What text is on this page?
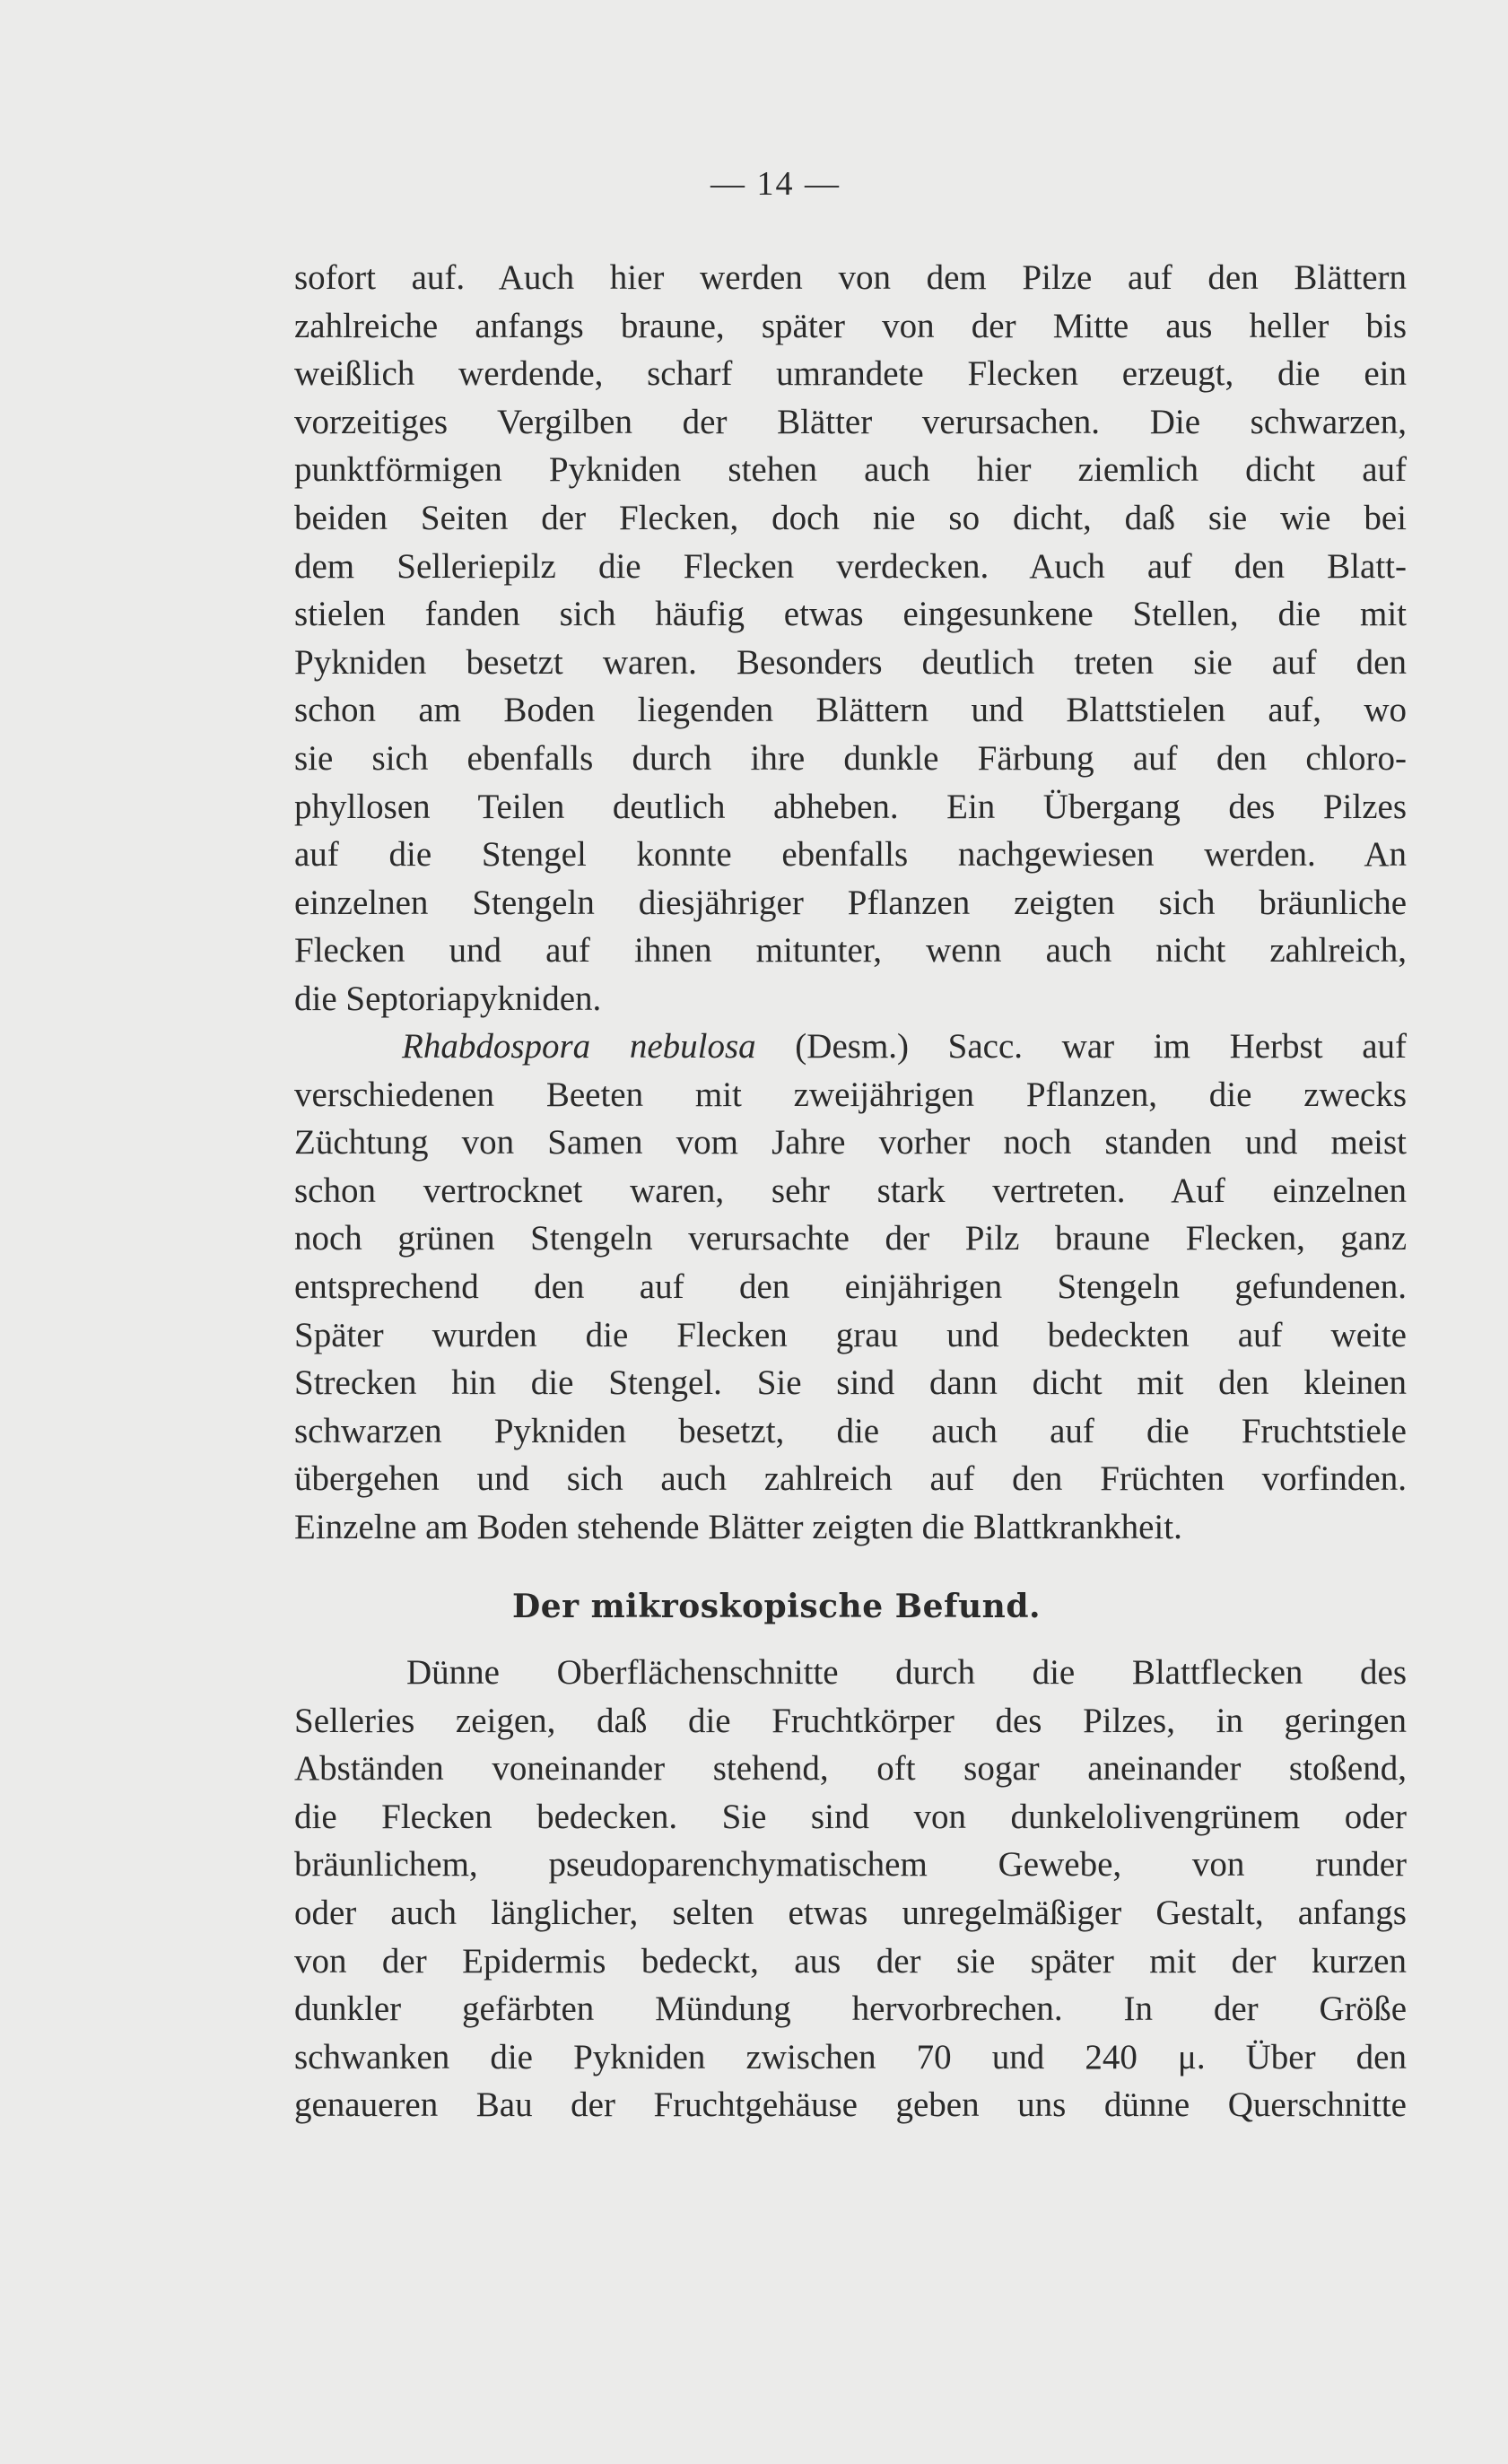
— 14 —
sofort auf. Auch hier werden von dem Pilze auf den Blättern
zahlreiche anfangs braune, später von der Mitte aus heller bis
weißlich werdende, scharf umrandete Flecken erzeugt, die ein
vorzeitiges Vergilben der Blätter verursachen. Die schwarzen,
punktförmigen Pykniden stehen auch hier ziemlich dicht auf
beiden Seiten der Flecken, doch nie so dicht, daß sie wie bei
dem Selleriepilz die Flecken verdecken. Auch auf den Blatt-
stielen fanden sich häufig etwas eingesunkene Stellen, die mit
Pykniden besetzt waren. Besonders deutlich treten sie auf den
schon am Boden liegenden Blättern und Blattstielen auf, wo
sie sich ebenfalls durch ihre dunkle Färbung auf den chloro-
phyllosen Teilen deutlich abheben. Ein Übergang des Pilzes
auf die Stengel konnte ebenfalls nachgewiesen werden. An
einzelnen Stengeln diesjähriger Pflanzen zeigten sich bräunliche
Flecken und auf ihnen mitunter, wenn auch nicht zahlreich,
die Septoriapykniden.
Rhabdospora nebulosa (Desm.) Sacc. war im Herbst auf
verschiedenen Beeten mit zweijährigen Pflanzen, die zwecks
Züchtung von Samen vom Jahre vorher noch standen und meist
schon vertrocknet waren, sehr stark vertreten. Auf einzelnen
noch grünen Stengeln verursachte der Pilz braune Flecken, ganz
entsprechend den auf den einjährigen Stengeln gefundenen.
Später wurden die Flecken grau und bedeckten auf weite
Strecken hin die Stengel. Sie sind dann dicht mit den kleinen
schwarzen Pykniden besetzt, die auch auf die Fruchtstiele
übergehen und sich auch zahlreich auf den Früchten vorfinden.
Einzelne am Boden stehende Blätter zeigten die Blattkrankheit.
Der mikroskopische Befund.
Dünne Oberflächenschnitte durch die Blattflecken des
Selleries zeigen, daß die Fruchtkörper des Pilzes, in geringen
Abständen voneinander stehend, oft sogar aneinander stoßend,
die Flecken bedecken. Sie sind von dunkelolivengrünem oder
bräunlichem, pseudoparenchymatischem Gewebe, von runder
oder auch länglicher, selten etwas unregelmäßiger Gestalt, anfangs
von der Epidermis bedeckt, aus der sie später mit der kurzen
dunkler gefärbten Mündung hervorbrechen. In der Größe
schwanken die Pykniden zwischen 70 und 240 μ. Über den
genaueren Bau der Fruchtgehäuse geben uns dünne Querschnitte
